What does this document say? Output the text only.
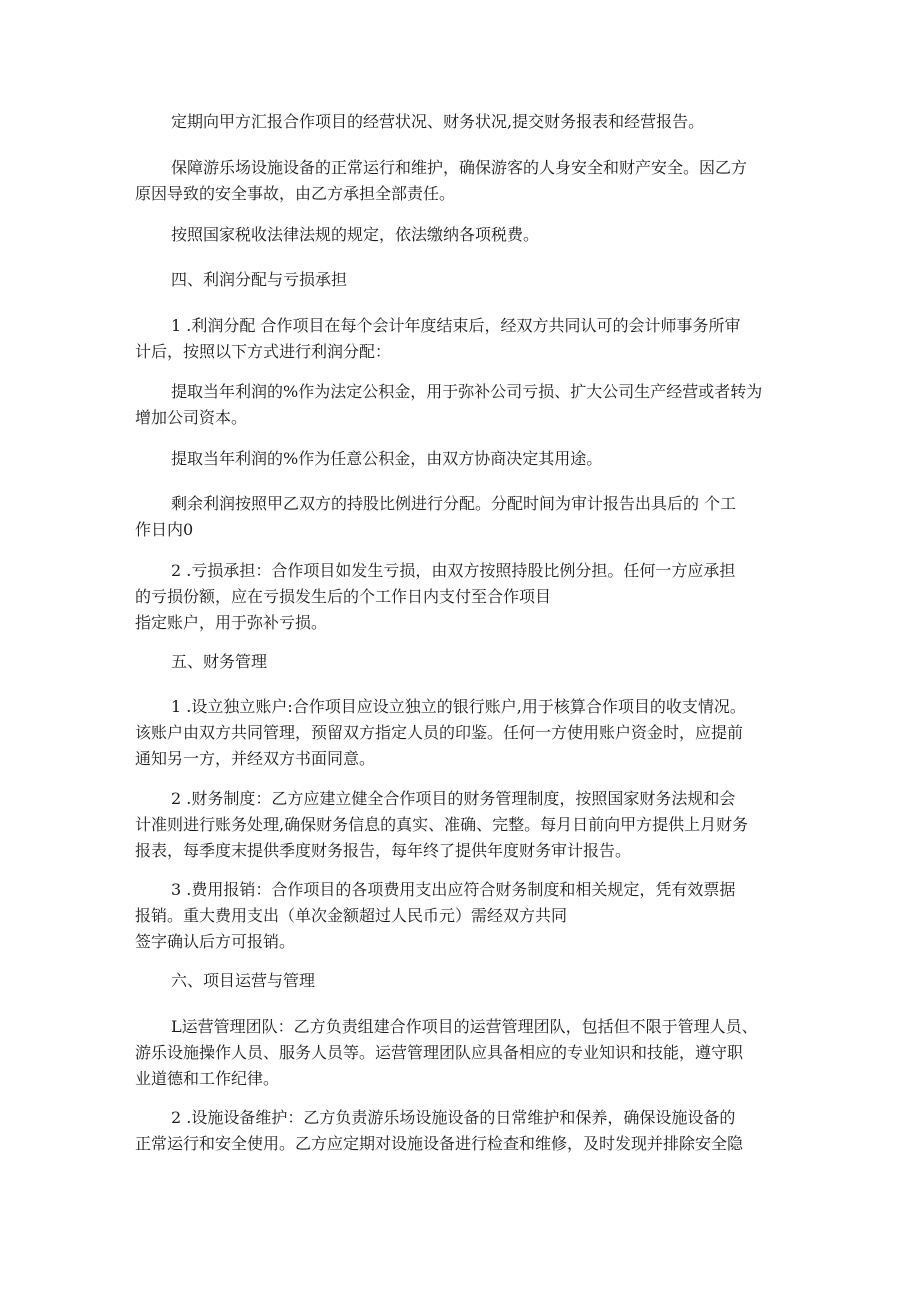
定期向甲方汇报合作项目的经营状况、财务状况,提交财务报表和经营报告。

保障游乐场设施设备的正常运行和维护，确保游客的人身安全和财产安全。因乙方
原因导致的安全事故，由乙方承担全部责任。

按照国家税收法律法规的规定，依法缴纳各项税费。

四、利润分配与亏损承担

1 .利润分配 合作项目在每个会计年度结束后，经双方共同认可的会计师事务所审
计后，按照以下方式进行利润分配：

提取当年利润的%作为法定公积金，用于弥补公司亏损、扩大公司生产经营或者转为
增加公司资本。

提取当年利润的%作为任意公积金，由双方协商决定其用途。

剩余利润按照甲乙双方的持股比例进行分配。分配时间为审计报告出具后的 个工
作日内0

2 .亏损承担：合作项目如发生亏损，由双方按照持股比例分担。任何一方应承担
的亏损份额，应在亏损发生后的个工作日内支付至合作项目
指定账户，用于弥补亏损。

五、财务管理

1 .设立独立账户:合作项目应设立独立的银行账户,用于核算合作项目的收支情况。
该账户由双方共同管理，预留双方指定人员的印鉴。任何一方使用账户资金时，应提前
通知另一方，并经双方书面同意。

2 .财务制度：乙方应建立健全合作项目的财务管理制度，按照国家财务法规和会
计准则进行账务处理,确保财务信息的真实、准确、完整。每月日前向甲方提供上月财务
报表，每季度末提供季度财务报告，每年终了提供年度财务审计报告。

3 .费用报销：合作项目的各项费用支出应符合财务制度和相关规定，凭有效票据
报销。重大费用支出（单次金额超过人民币元）需经双方共同
签字确认后方可报销。

六、项目运营与管理

L运营管理团队：乙方负责组建合作项目的运营管理团队，包括但不限于管理人员、
游乐设施操作人员、服务人员等。运营管理团队应具备相应的专业知识和技能，遵守职
业道德和工作纪律。

2 .设施设备维护：乙方负责游乐场设施设备的日常维护和保养，确保设施设备的
正常运行和安全使用。乙方应定期对设施设备进行检查和维修，及时发现并排除安全隐
